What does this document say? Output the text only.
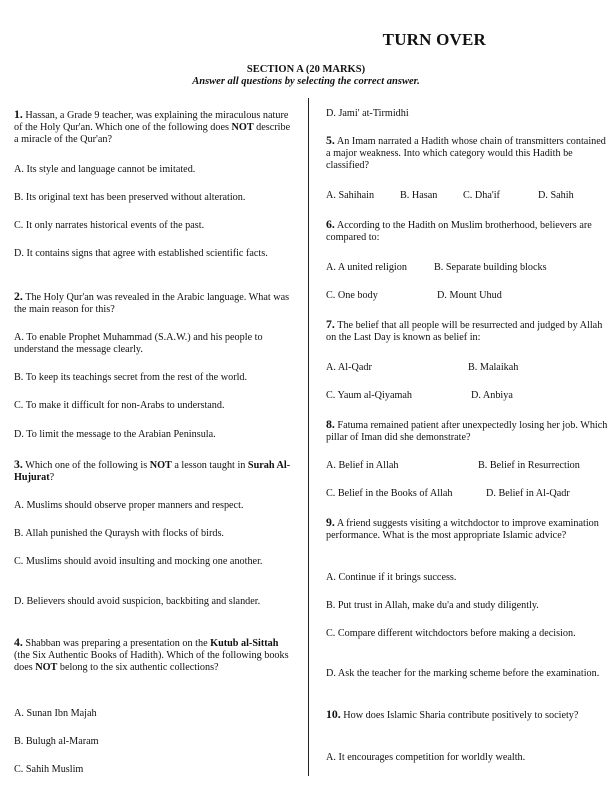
TURN OVER
SECTION A (20 MARKS)
Answer all questions by selecting the correct answer.
1. Hassan, a Grade 9 teacher, was explaining the miraculous nature of the Holy Qur'an. Which one of the following does NOT describe a miracle of the Qur'an?
A. Its style and language cannot be imitated.
B. Its original text has been preserved without alteration.
C. It only narrates historical events of the past.
D. It contains signs that agree with established scientific facts.
2. The Holy Qur'an was revealed in the Arabic language. What was the main reason for this?
A. To enable Prophet Muhammad (S.A.W.) and his people to understand the message clearly.
B. To keep its teachings secret from the rest of the world.
C. To make it difficult for non-Arabs to understand.
D. To limit the message to the Arabian Peninsula.
3. Which one of the following is NOT a lesson taught in Surah Al-Hujurat?
A. Muslims should observe proper manners and respect.
B. Allah punished the Quraysh with flocks of birds.
C. Muslims should avoid insulting and mocking one another.
D. Believers should avoid suspicion, backbiting and slander.
4. Shabban was preparing a presentation on the Kutub al-Sittah (the Six Authentic Books of Hadith). Which of the following books does NOT belong to the six authentic collections?
A. Sunan Ibn Majah
B. Bulugh al-Maram
C. Sahih Muslim
D. Jami' at-Tirmidhi
5. An Imam narrated a Hadith whose chain of transmitters contained a major weakness. Into which category would this Hadith be classified?
A. Sahihain	B. Hasan	C. Dha'if	D. Sahih
6. According to the Hadith on Muslim brotherhood, believers are compared to:
A. A united religion	B. Separate building blocks
C. One body	D. Mount Uhud
7. The belief that all people will be resurrected and judged by Allah on the Last Day is known as belief in:
A. Al-Qadr	B. Malaikah
C. Yaum al-Qiyamah	D. Anbiya
8. Fatuma remained patient after unexpectedly losing her job. Which pillar of Iman did she demonstrate?
A. Belief in Allah	B. Belief in Resurrection
C. Belief in the Books of Allah	D. Belief in Al-Qadr
9. A friend suggests visiting a witchdoctor to improve examination performance. What is the most appropriate Islamic advice?
A. Continue if it brings success.
B. Put trust in Allah, make du'a and study diligently.
C. Compare different witchdoctors before making a decision.
D. Ask the teacher for the marking scheme before the examination.
10. How does Islamic Sharia contribute positively to society?
A. It encourages competition for worldly wealth.
